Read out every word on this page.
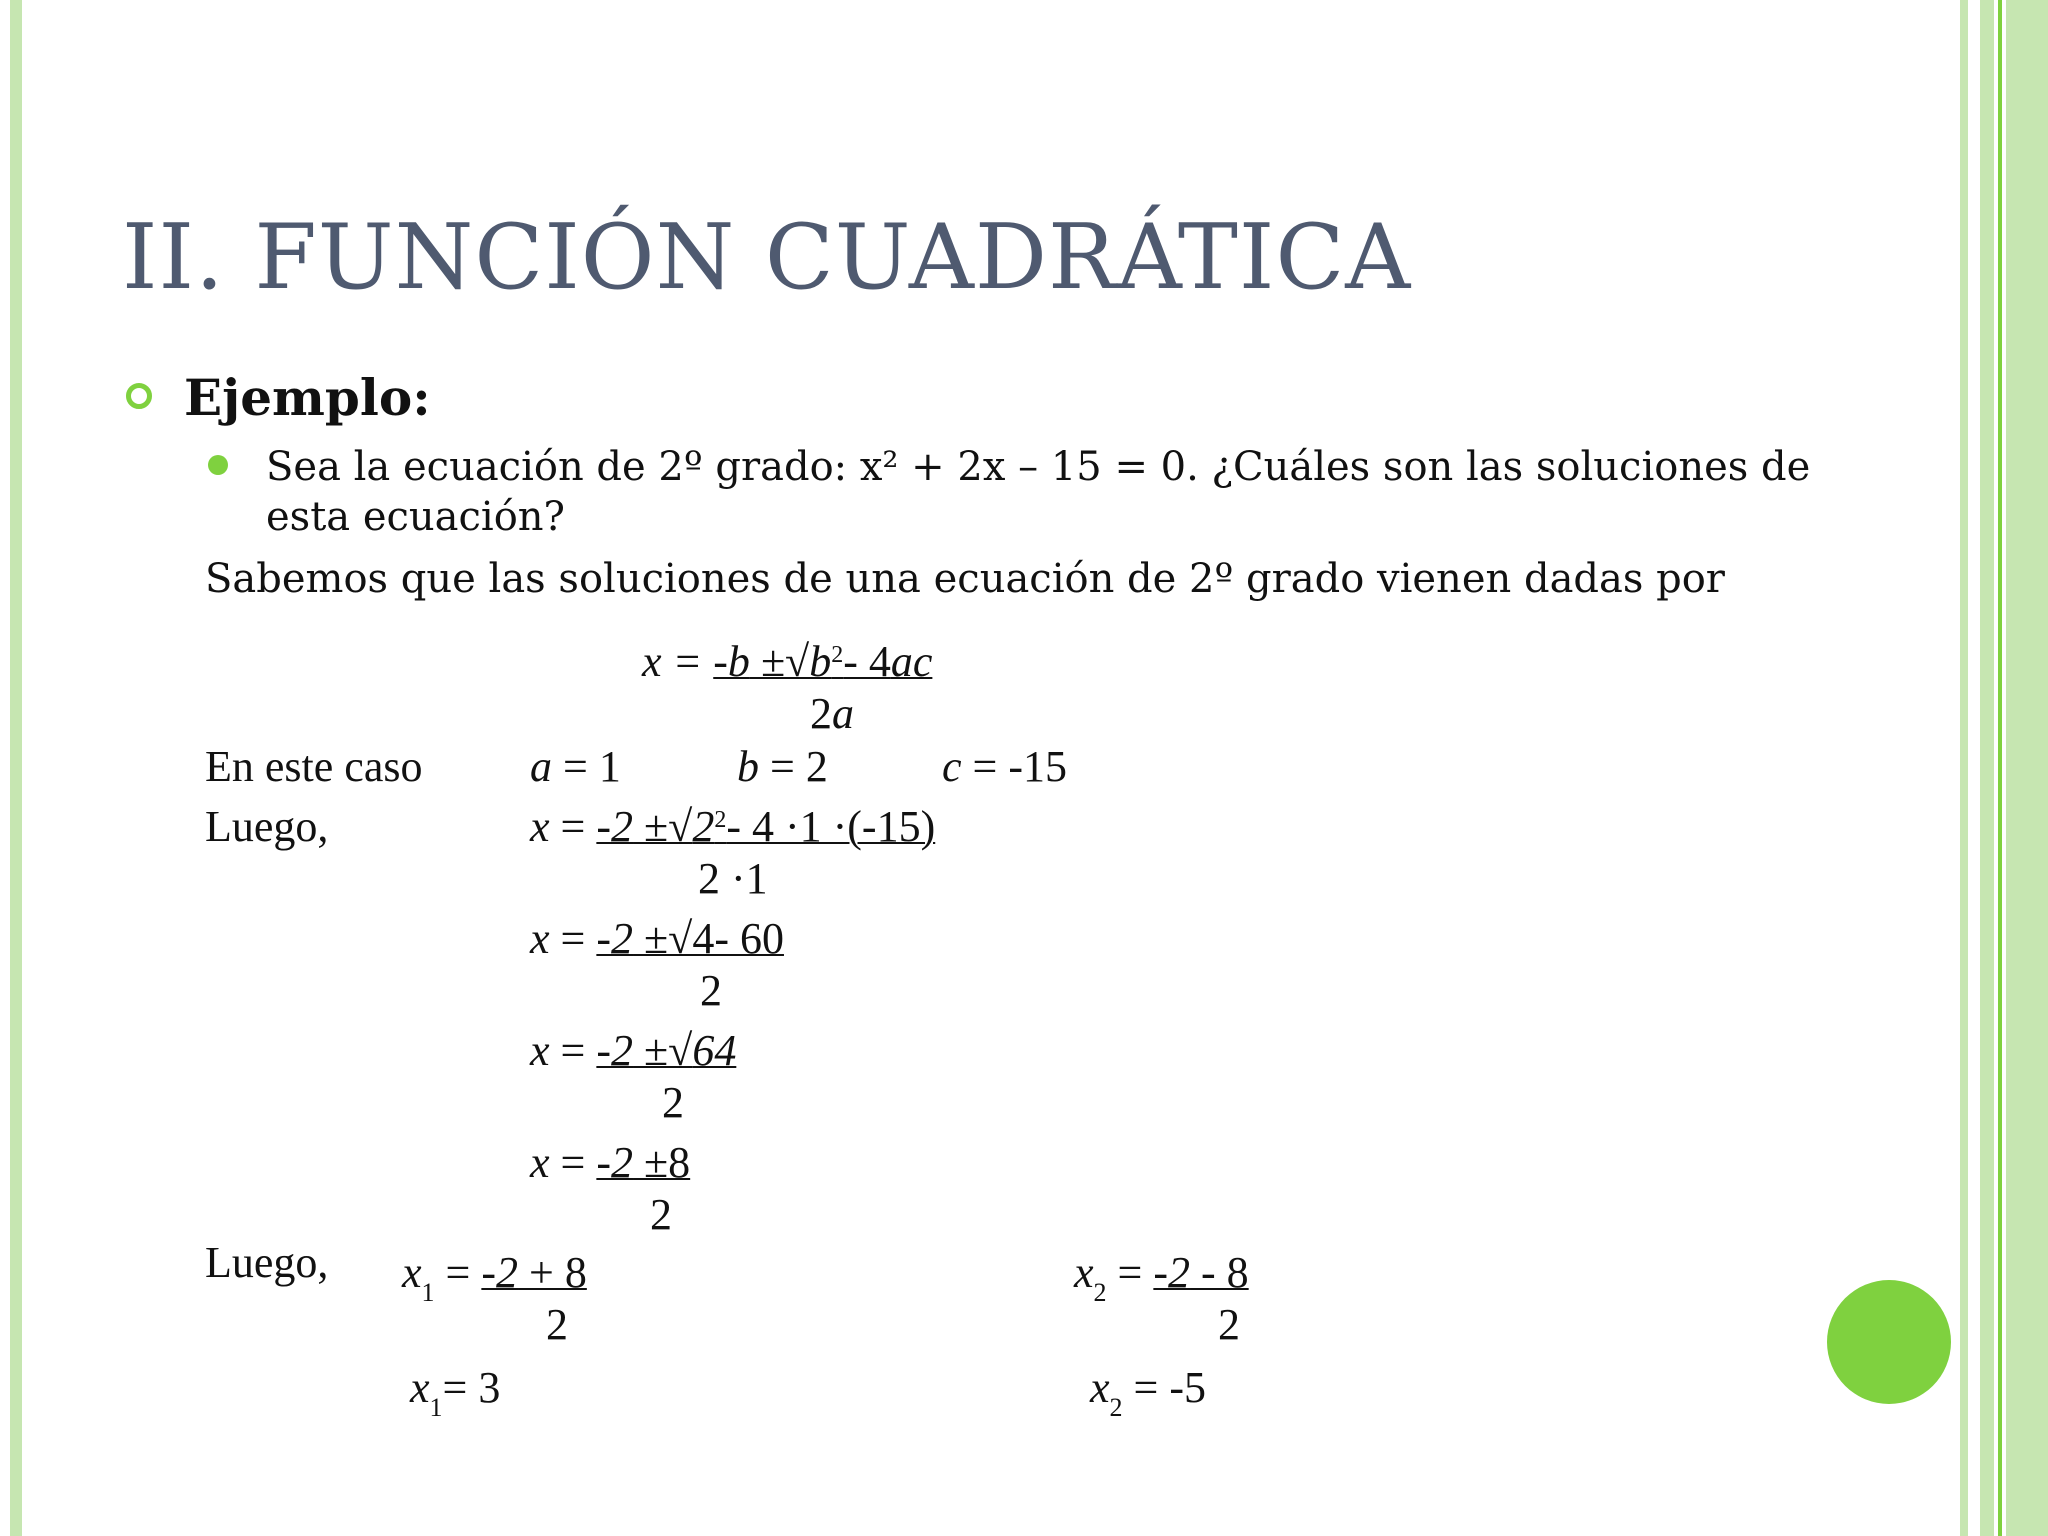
II. FUNCIÓN CUADRÁTICA
Ejemplo:
Sea la ecuación de 2º grado: x² + 2x – 15 = 0. ¿Cuáles son las soluciones de
esta ecuación?
Sabemos que las soluciones de una ecuación de 2º grado vienen dadas por
$x = -b \pm√b^2-$ 4ac
2a
En este caso a = 1	b = 2	c = -15
Luego,	$x = -2 \pm√2^2-$ 4 ·1 ·(-15)
2 ·1
x = -2 ±√4- 60
2
x = -2 ±√64
2
x = -2 ±8
2
Luego, $x_1 = -2 + 8$
2
$x_1= 3$
$x_2 = -2 - 8$
2
$x_2 = -5$
